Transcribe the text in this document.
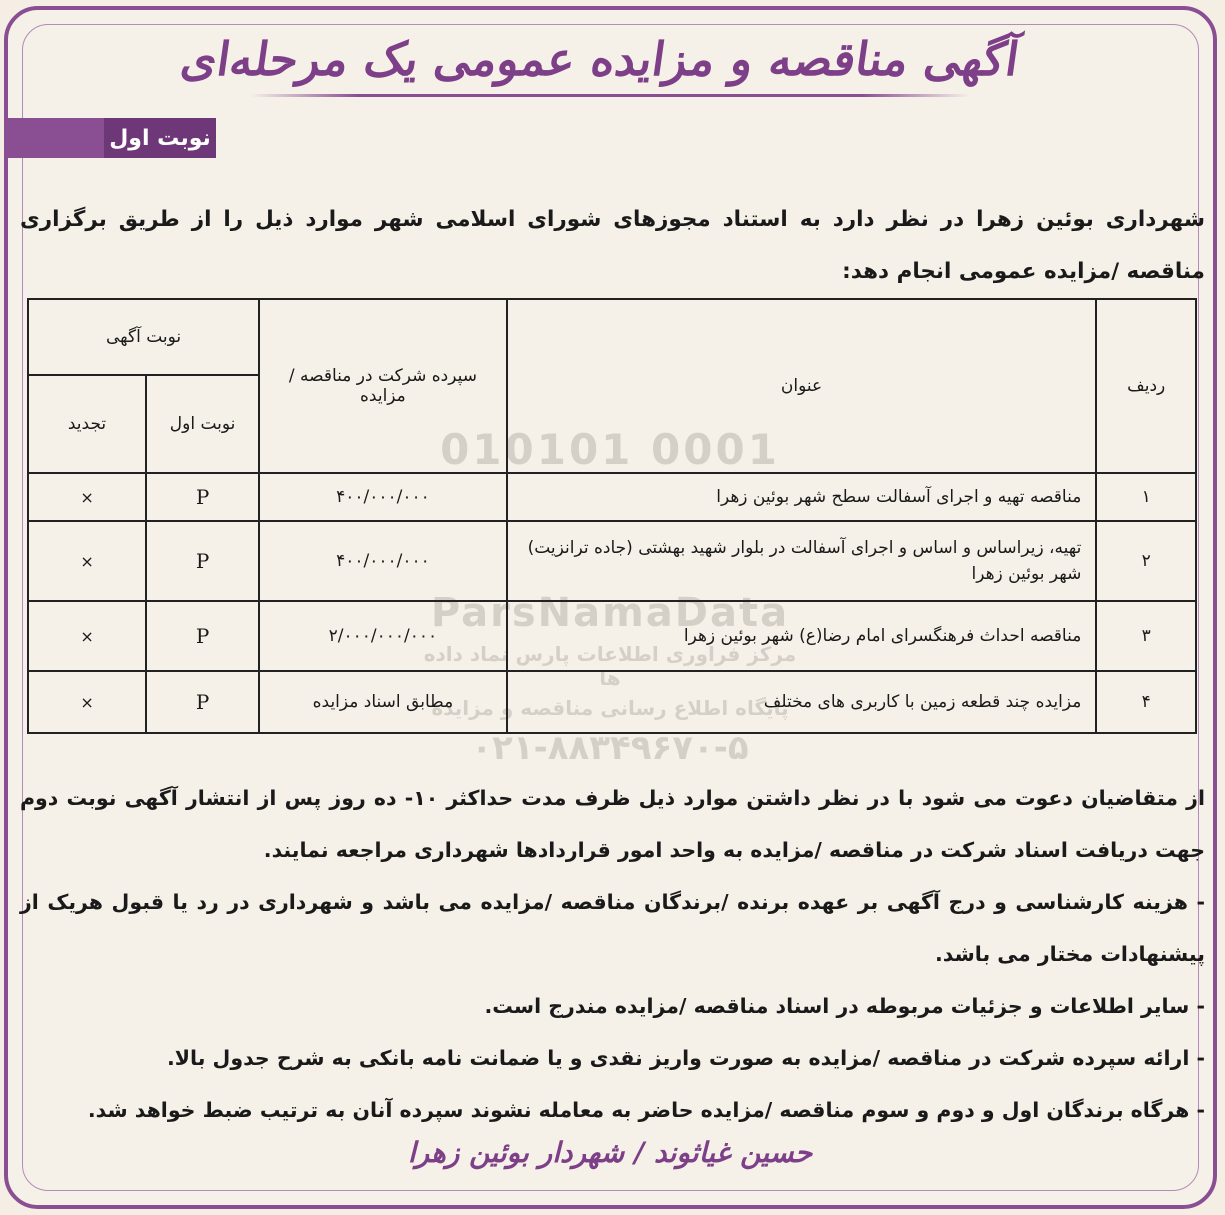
آگهی مناقصه و مزایده عمومی یک مرحله‌ای
نوبت اول
شهرداری بوئین زهرا در نظر دارد به استناد مجوزهای شورای اسلامی شهر موارد ذیل را از طریق برگزاری مناقصه /مزایده عمومی انجام دهد:
ردیف	عنوان	سپرده شرکت در مناقصه /مزایده	نوبت آگهی	
			نوبت اول	تجدید
۱	مناقصه تهیه و اجرای آسفالت سطح شهر بوئین زهرا	۴۰۰/۰۰۰/۰۰۰	P	×
۲	تهیه، زیراساس و اساس و اجرای آسفالت در بلوار شهید بهشتی (جاده ترانزیت) شهر بوئین زهرا	۴۰۰/۰۰۰/۰۰۰	P	×
۳	مناقصه احداث فرهنگسرای امام رضا(ع) شهر بوئین زهرا	۲/۰۰۰/۰۰۰/۰۰۰	P	×
۴	مزایده چند قطعه زمین با کاربری های مختلف	مطابق اسناد مزایده	P	×

از متقاضیان دعوت می شود با در نظر داشتن موارد ذیل ظرف مدت حداکثر ۱۰- ده روز پس از انتشار آگهی نوبت دوم جهت دریافت اسناد شرکت در مناقصه /مزایده به واحد امور قراردادها شهرداری مراجعه نمایند.

- هزینه کارشناسی و درج آگهی بر عهده برنده /برندگان مناقصه /مزایده می باشد و شهرداری در رد یا قبول هریک از پیشنهادات مختار می باشد.

- سایر اطلاعات و جزئیات مربوطه در اسناد مناقصه /مزایده مندرج است.

- ارائه سپرده شرکت در مناقصه /مزایده به صورت واریز نقدی و یا ضمانت نامه بانکی به شرح جدول بالا.

- هرگاه برندگان اول و دوم و سوم مناقصه /مزایده حاضر به معامله نشوند سپرده آنان به ترتیب ضبط خواهد شد.

حسین غیاثوند / شهردار بوئین زهرا
